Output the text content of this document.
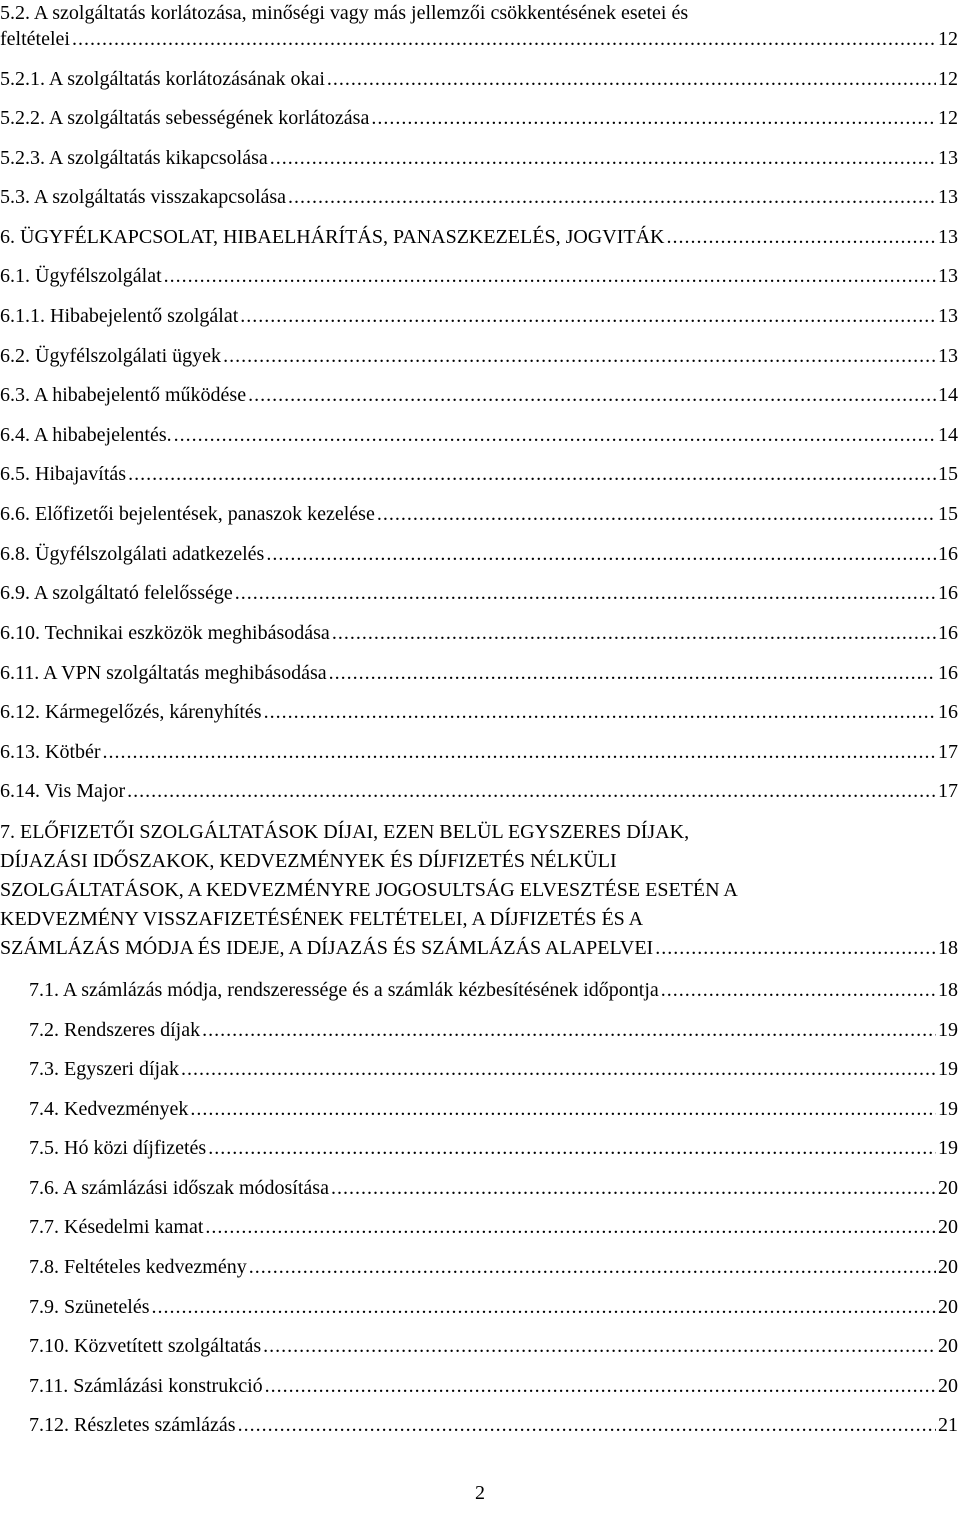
5.2. A szolgáltatás korlátozása, minőségi vagy más jellemzői csökkentésének esetei és
feltételei .....	12
5.2.1. A szolgáltatás korlátozásának okai .....	12
5.2.2. A szolgáltatás sebességének korlátozása .....	12
5.2.3. A szolgáltatás kikapcsolása .....	13
5.3. A szolgáltatás visszakapcsolása .....	13
6. ÜGYFÉLKAPCSOLAT, HIBAELHÁRÍTÁS, PANASZKEZELÉS, JOGVITÁK .....	13
6.1. Ügyfélszolgálat .....	13
6.1.1. Hibabejelentő szolgálat .....	13
6.2. Ügyfélszolgálati ügyek .....	13
6.3. A hibabejelentő működése .....	14
6.4. A hibabejelentés. .....	14
6.5. Hibajavítás .....	15
6.6. Előfizetői bejelentések, panaszok kezelése .....	15
6.8. Ügyfélszolgálati adatkezelés .....	16
6.9. A szolgáltató felelőssége .....	16
6.10. Technikai eszközök meghibásodása .....	16
6.11. A VPN szolgáltatás meghibásodása .....	16
6.12. Kármegelőzés, kárenyhítés .....	16
6.13. Kötbér .....	17
6.14. Vis Major .....	17
7. ELŐFIZETŐI SZOLGÁLTATÁSOK DÍJAI, EZEN BELÜL EGYSZERES DÍJAK,
DÍJAZÁSI IDŐSZAKOK, KEDVEZMÉNYEK ÉS DÍJFIZETÉS NÉLKÜLI
SZOLGÁLTATÁSOK, A KEDVEZMÉNYRE JOGOSULTSÁG ELVESZTÉSE ESETÉN A
KEDVEZMÉNY VISSZAFIZETÉSÉNEK FELTÉTELEI, A DÍJFIZETÉS ÉS A
SZÁMLÁZÁS MÓDJA ÉS IDEJE, A DÍJAZÁS ÉS SZÁMLÁZÁS ALAPELVEI .....	18
7.1. A számlázás módja, rendszeressége és a számlák kézbesítésének időpontja .....	18
7.2. Rendszeres díjak .....	19
7.3. Egyszeri díjak .....	19
7.4. Kedvezmények .....	19
7.5. Hó közi díjfizetés .....	19
7.6. A számlázási időszak módosítása .....	20
7.7. Késedelmi kamat .....	20
7.8. Feltételes kedvezmény .....	20
7.9. Szünetelés .....	20
7.10. Közvetített szolgáltatás .....	20
7.11. Számlázási konstrukció .....	20
7.12. Részletes számlázás .....	21
2
